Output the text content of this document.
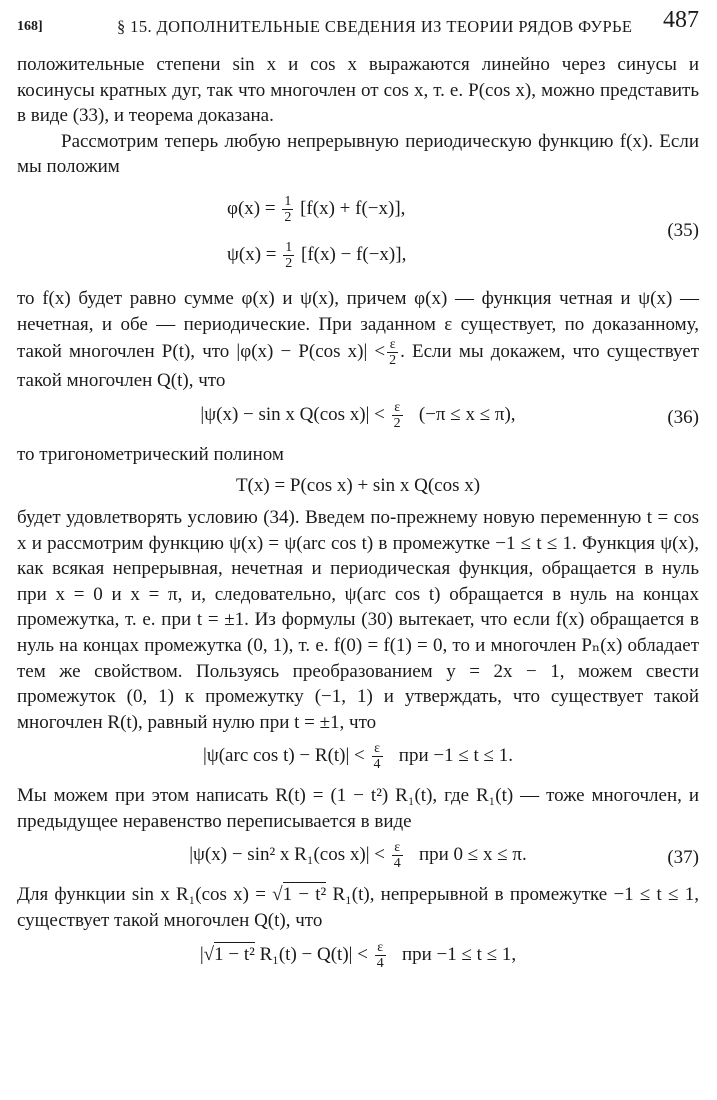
168]	§ 15. ДОПОЛНИТЕЛЬНЫЕ СВЕДЕНИЯ ИЗ ТЕОРИИ РЯДОВ ФУРЬЕ 487

положительные степени sin x и cos x выражаются линейно через синусы и косинусы кратных дуг, так что многочлен от cos x, т. е. P(cos x), можно представить в виде (33), и теорема доказана.

Рассмотрим теперь любую непрерывную периодическую функцию f(x). Если мы положим

$\varphi(x) = \frac{1}{2} [f(x) + f(-x)]$,
$\psi(x) = \frac{1}{2} [f(x) - f(-x)]$,
(35)

то f(x) будет равно сумме φ(x) и ψ(x), причем φ(x) — функция четная и ψ(x) — нечетная, и обе — периодические. При заданном ε существует, по доказанному, такой многочлен P(t), что |φ(x) − P(cos $x)| < \frac{\varepsilon}{2}$ . Если мы докажем, что существует такой многочлен Q(t), что

|ψ(x) − sin x Q(cos $x)| < \frac{\varepsilon}{2} (-\pi \le x \le \pi)$,	(36)

то тригонометрический полином

T(x) = P(cos x) + sin x Q(cos x)

будет удовлетворять условию (34). Введем по-прежнему новую переменную t = cos x и рассмотрим функцию ψ(x) = ψ(arc cos t) в промежутке −1 ≤ t ≤ 1. Функция ψ(x), как всякая непрерывная, нечетная и периодическая функция, обращается в нуль при x = 0 и x = π, и, следовательно, ψ(arc cos t) обращается в нуль на концах промежутка, т. е. при t = ±1. Из формулы (30) вытекает, что если f(x) обращается в нуль на концах промежутка (0, 1), т. е. f(0) = f(1) = 0, то и многочлен Pₙ(x) обладает тем же свойством. Пользуясь преобразованием y = 2x − 1, можем свести промежуток (0, 1) к промежутку (−1, 1) и утверждать, что существует такой многочлен R(t), равный нулю при t = ±1, что

|ψ(arc $\cos t) - R(t)| < \frac{\varepsilon}{4}$ при −1 ≤ t ≤ 1.

Мы можем при этом написать R(t) = (1 − t²) R₁(t), где R₁(t) — тоже многочлен, и предыдущее неравенство переписывается в виде

|ψ(x) − sin² x R₁(cos $x)| < \frac{\varepsilon}{4}$ при 0 ≤ x ≤ π.	(37)

Для функции sin x R₁(cos x) = √1 − t² R₁(t), непрерывной в промежутке −1 ≤ t ≤ 1, существует такой многочлен Q(t), что

|√1 − t² $R_1(t) - Q(t)| < \frac{\varepsilon}{4}$ при −1 ≤ t ≤ 1,
